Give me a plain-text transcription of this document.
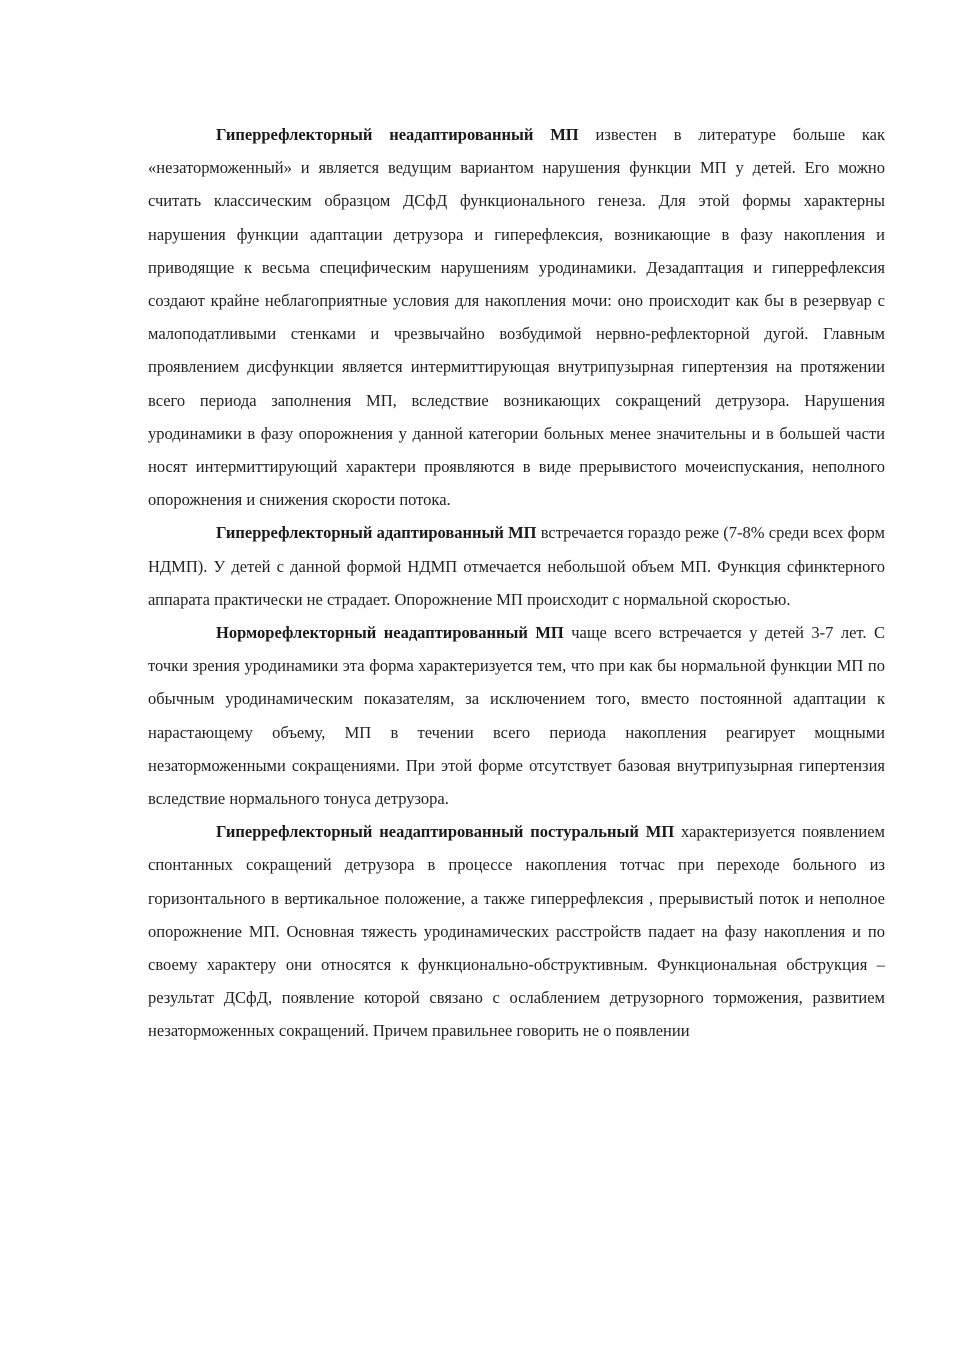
Гиперрефлекторный неадаптированный МП известен в литературе больше как «незаторможенный» и является ведущим вариантом нарушения функции МП у детей. Его можно считать классическим образцом ДСфД функционального генеза. Для этой формы характерны нарушения функции адаптации детрузора и гиперефлексия, возникающие в фазу накопления и приводящие к весьма специфическим нарушениям уродинамики. Дезадаптация и гиперрефлексия создают крайне неблагоприятные условия для накопления мочи: оно происходит как бы в резервуар с малоподатливыми стенками и чрезвычайно возбудимой нервно-рефлекторной дугой. Главным проявлением дисфункции является интермиттирующая внутрипузырная гипертензия на протяжении всего периода заполнения МП, вследствие возникающих сокращений детрузора. Нарушения уродинамики в фазу опорожнения у данной категории больных менее значительны и в большей части носят интермиттирующий характери проявляются в виде прерывистого мочеиспускания, неполного опорожнения и снижения скорости потока.

Гиперрефлекторный адаптированный МП встречается гораздо реже (7-8% среди всех форм НДМП). У детей с данной формой НДМП отмечается небольшой объем МП. Функция сфинктерного аппарата практически не страдает. Опорожнение МП происходит с нормальной скоростью.

Норморефлекторный неадаптированный МП чаще всего встречается у детей 3-7 лет. С точки зрения уродинамики эта форма характеризуется тем, что при как бы нормальной функции МП по обычным уродинамическим показателям, за исключением того, вместо постоянной адаптации к нарастающему объему, МП в течении всего периода накопления реагирует мощными незаторможенными сокращениями. При этой форме отсутствует базовая внутрипузырная гипертензия вследствие нормального тонуса детрузора.

Гиперрефлекторный неадаптированный постуральный МП характеризуется появлением спонтанных сокращений детрузора в процессе накопления тотчас при переходе больного из горизонтального в вертикальное положение, а также гиперрефлексия , прерывистый поток и неполное опорожнение МП. Основная тяжесть уродинамических расстройств падает на фазу накопления и по своему характеру они относятся к функционально-обструктивным. Функциональная обструкция – результат ДСфД, появление которой связано с ослаблением детрузорного торможения, развитием незаторможенных сокращений. Причем правильнее говорить не о появлении
